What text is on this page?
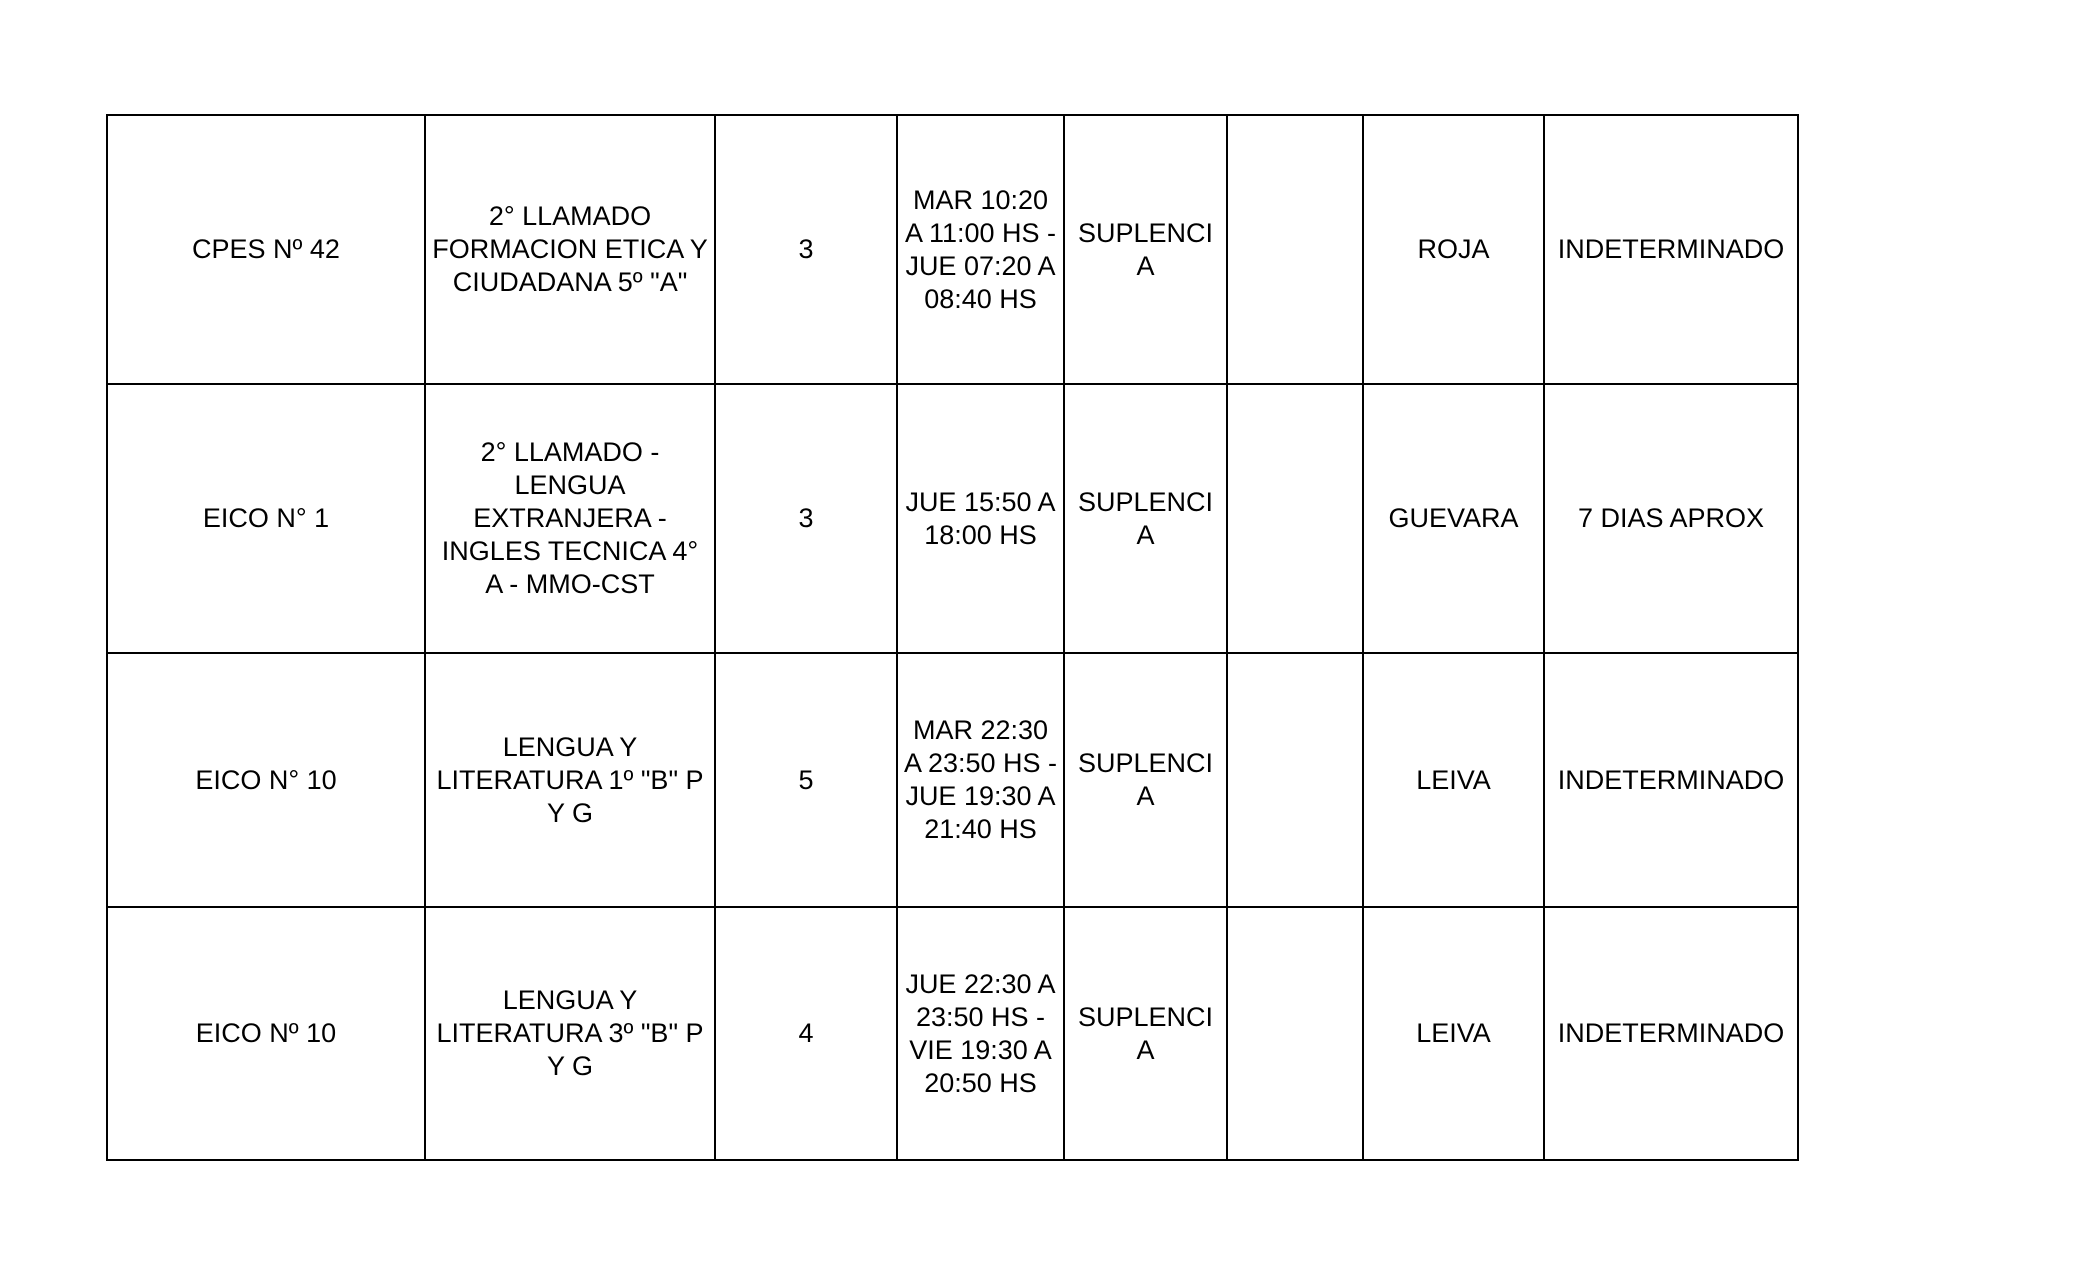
CPES Nº 42	2° LLAMADO
FORMACION ETICA Y
CIUDADANA 5º "A"	3	MAR 10:20
A 11:00 HS -
JUE 07:20 A
08:40 HS	SUPLENCI
A		ROJA	INDETERMINADO

EICO N° 1	2° LLAMADO -
LENGUA
EXTRANJERA -
INGLES TECNICA 4°
A - MMO-CST	3	JUE 15:50 A
18:00 HS	SUPLENCI
A		GUEVARA	7 DIAS APROX

EICO N° 10	LENGUA Y
LITERATURA 1º "B" P
Y G	5	MAR 22:30
A 23:50 HS -
JUE 19:30 A
21:40 HS	SUPLENCI
A		LEIVA	INDETERMINADO

EICO Nº 10	LENGUA Y
LITERATURA 3º "B" P
Y G	4	JUE 22:30 A
23:50 HS -
VIE 19:30 A
20:50 HS	SUPLENCI
A		LEIVA	INDETERMINADO
